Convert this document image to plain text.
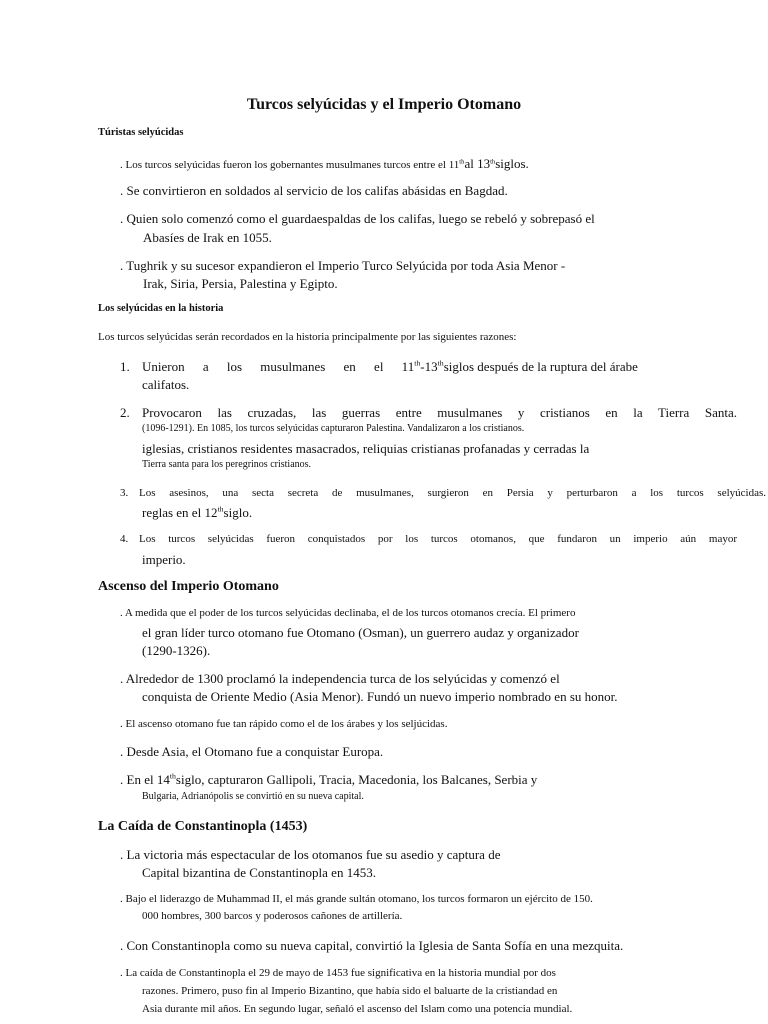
Turcos selyúcidas y el Imperio Otomano
Túristas selyúcidas
. Los turcos selyúcidas fueron los gobernantes musulmanes turcos entre el 11thal 13thsiglos.
. Se convirtieron en soldados al servicio de los califas abásidas en Bagdad.
. Quien solo comenzó como el guardaespaldas de los califas, luego se rebeló y sobrepasó el
Abasíes de Irak en 1055.
. Tughrik y su sucesor expandieron el Imperio Turco Selyúcida por toda Asia Menor -
Irak, Siria, Persia, Palestina y Egipto.
Los selyúcidas en la historia
Los turcos selyúcidas serán recordados en la historia principalmente por las siguientes razones:
1. Unieron a los musulmanes en el 11th-13thsiglos después de la ruptura del árabe
califatos.
2. Provocaron las cruzadas, las guerras entre musulmanes y cristianos en la Tierra Santa.
(1096-1291). En 1085, los turcos selyúcidas capturaron Palestina. Vandalizaron a los cristianos.
iglesias, cristianos residentes masacrados, reliquias cristianas profanadas y cerradas la
Tierra santa para los peregrinos cristianos.
3. Los asesinos, una secta secreta de musulmanes, surgieron en Persia y perturbaron a los turcos selyúcidas.
reglas en el 12thsiglo.
4. Los turcos selyúcidas fueron conquistados por los turcos otomanos, que fundaron un imperio aún mayor
imperio.
Ascenso del Imperio Otomano
. A medida que el poder de los turcos selyúcidas declinaba, el de los turcos otomanos crecía. El primero
el gran líder turco otomano fue Otomano (Osman), un guerrero audaz y organizador
(1290-1326).
. Alrededor de 1300 proclamó la independencia turca de los selyúcidas y comenzó el
conquista de Oriente Medio (Asia Menor). Fundó un nuevo imperio nombrado en su honor.
. El ascenso otomano fue tan rápido como el de los árabes y los seljúcidas.
. Desde Asia, el Otomano fue a conquistar Europa.
. En el 14thsiglo, capturaron Gallipoli, Tracia, Macedonia, los Balcanes, Serbia y
Bulgaria, Adrianópolis se convirtió en su nueva capital.
La Caída de Constantinopla (1453)
. La victoria más espectacular de los otomanos fue su asedio y captura de
Capital bizantina de Constantinopla en 1453.
. Bajo el liderazgo de Muhammad II, el más grande sultán otomano, los turcos formaron un ejército de 150.
000 hombres, 300 barcos y poderosos cañones de artillería.
. Con Constantinopla como su nueva capital, convirtió la Iglesia de Santa Sofía en una mezquita.
. La caída de Constantinopla el 29 de mayo de 1453 fue significativa en la historia mundial por dos
razones. Primero, puso fin al Imperio Bizantino, que había sido el baluarte de la cristiandad en
Asia durante mil años. En segundo lugar, señaló el ascenso del Islam como una potencia mundial.
